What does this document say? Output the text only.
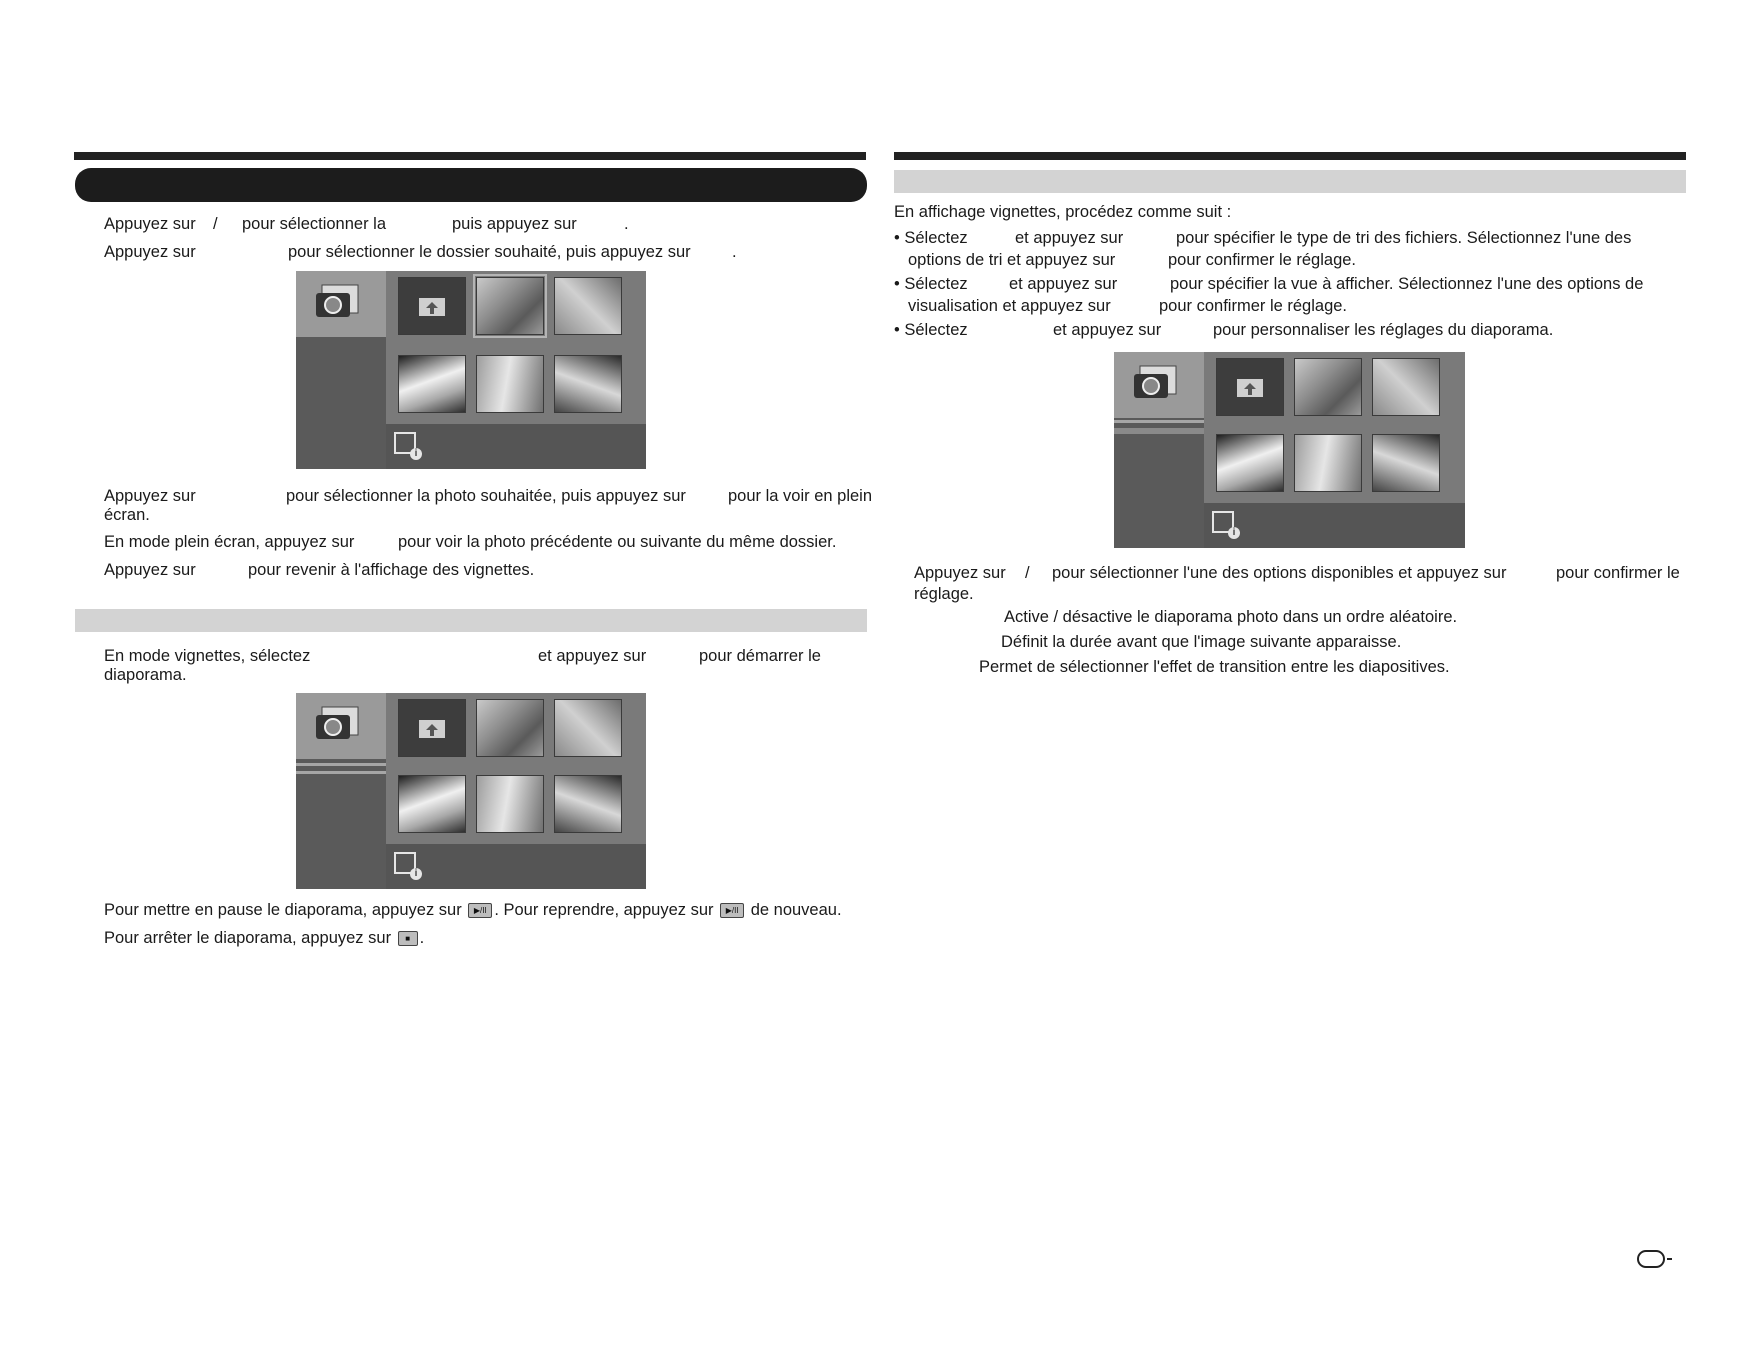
Appuyez sur / pour sélectionner la	puis appuyez sur	.
Appuyez sur	pour sélectionner le dossier souhaité, puis appuyez sur	.
i
Appuyez sur	pour sélectionner la photo souhaitée, puis appuyez sur	pour la voir en plein
écran.
En mode plein écran, appuyez sur	pour voir la photo précédente ou suivante du même dossier.
Appuyez sur	pour revenir à l'affichage des vignettes.
En mode vignettes, sélectez	et appuyez sur	pour démarrer le
diaporama.
i
Pour mettre en pause le diaporama, appuyez sur ▶/II . Pour reprendre, appuyez sur ▶/II de nouveau.
Pour arrêter le diaporama, appuyez sur ■ .
En affichage vignettes, procédez comme suit :
• Sélectez	et appuyez sur	pour spécifier le type de tri des fichiers. Sélectionnez l'une des
options de tri et appuyez sur	pour confirmer le réglage.
• Sélectez	et appuyez sur	pour spécifier la vue à afficher. Sélectionnez l'une des options de
visualisation et appuyez sur	pour confirmer le réglage.
• Sélectez	et appuyez sur	pour personnaliser les réglages du diaporama.
i
Appuyez sur / pour sélectionner l'une des options disponibles et appuyez sur	pour confirmer le
réglage.
Active / désactive le diaporama photo dans un ordre aléatoire.
Définit la durée avant que l'image suivante apparaisse.
Permet de sélectionner l'effet de transition entre les diapositives.
